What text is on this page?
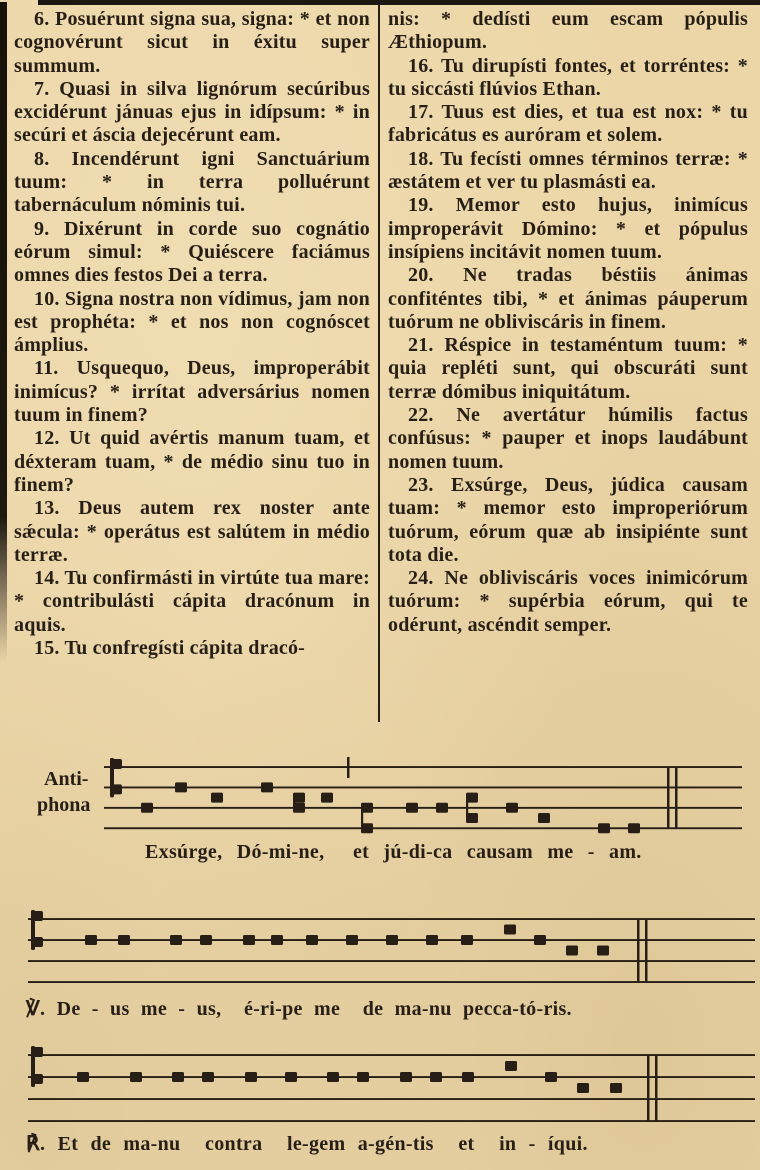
6. Posuérunt signa sua, signa: * et non cognovérunt sicut in éxitu super summum.

7. Quasi in silva lignórum secúribus excidérunt jánuas ejus in idípsum: * in secúri et áscia dejecérunt eam.

8. Incendérunt igni Sanctuárium tuum: * in terra polluérunt tabernáculum nóminis tui.

9. Dixérunt in corde suo cognátio eórum simul: * Quiéscere faciámus omnes dies festos Dei a terra.

10. Signa nostra non vídimus, jam non est prophéta: * et nos non cognóscet ámplius.

11. Usquequo, Deus, improperábit inimícus? * irrítat adversárius nomen tuum in finem?

12. Ut quid avértis manum tuam, et déxteram tuam, * de médio sinu tuo in finem?

13. Deus autem rex noster ante sǽcula: * operátus est salútem in médio terræ.

14. Tu confirmásti in virtúte tua mare: * contribulásti cápita dracónum in aquis.

15. Tu confregísti cápita dracó-

nis: * dedísti eum escam pópulis Æthiopum.

16. Tu dirupísti fontes, et torréntes: * tu siccásti flúvios Ethan.

17. Tuus est dies, et tua est nox: * tu fabricátus es auróram et solem.

18. Tu fecísti omnes términos terræ: * æstátem et ver tu plasmásti ea.

19. Memor esto hujus, inimícus improperávit Dómino: * et pópulus insípiens incitávit nomen tuum.

20. Ne tradas béstiis ánimas confiténtes tibi, * et ánimas páuperum tuórum ne obliviscáris in finem.

21. Réspice in testaméntum tuum: * quia repléti sunt, qui obscuráti sunt terræ dómibus iniquitátum.

22. Ne avertátur húmilis factus confúsus: * pauper et inops laudábunt nomen tuum.

23. Exsúrge, Deus, júdica causam tuam: * memor esto improperiórum tuórum, eórum quæ ab insipiénte sunt tota die.

24. Ne obliviscáris voces inimicórum tuórum: * supérbia eórum, qui te odérunt, ascéndit semper.

Anti-
phona
Exsúrge, Dó-mi-ne,  et jú-di-ca causam me - am.
℣. De - us me - us,  é-ri-pe me  de ma-nu pecca-tó-ris.
℟. Et de ma-nu  contra  le-gem a-gén-tis  et  in - íqui.
